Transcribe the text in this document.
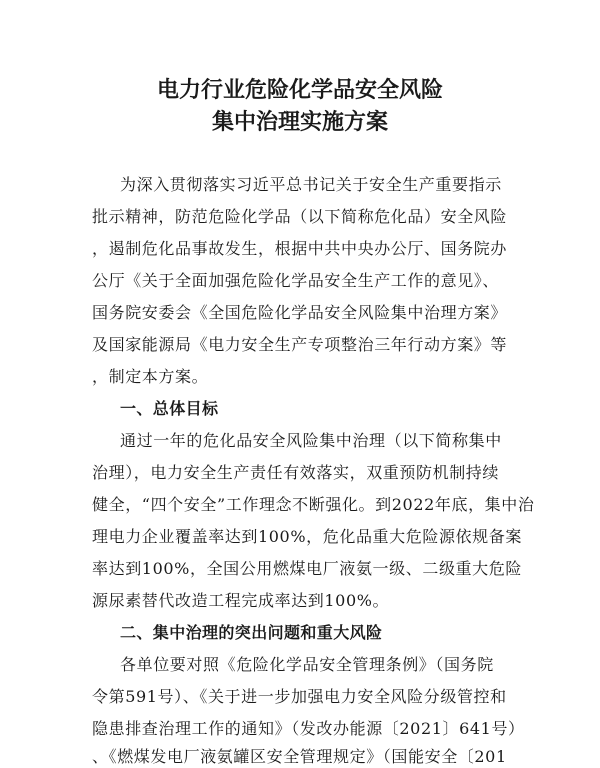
电力行业危险化学品安全风险
集中治理实施方案
为深入贯彻落实习近平总书记关于安全生产重要指示
批示精神，防范危险化学品（以下简称危化品）安全风险
，遏制危化品事故发生，根据中共中央办公厅、国务院办
公厅《关于全面加强危险化学品安全生产工作的意见》、
国务院安委会《全国危险化学品安全风险集中治理方案》
及国家能源局《电力安全生产专项整治三年行动方案》等
，制定本方案。
一、总体目标
通过一年的危化品安全风险集中治理（以下简称集中
治理），电力安全生产责任有效落实，双重预防机制持续
健全，“四个安全”工作理念不断强化。到2022年底，集中治
理电力企业覆盖率达到100%，危化品重大危险源依规备案
率达到100%，全国公用燃煤电厂液氨一级、二级重大危险
源尿素替代改造工程完成率达到100%。
二、集中治理的突出问题和重大风险
各单位要对照《危险化学品安全管理条例》（国务院
令第591号）、《关于进一步加强电力安全风险分级管控和
隐患排查治理工作的通知》（发改办能源〔2021〕641号）
、《燃煤发电厂液氨罐区安全管理规定》（国能安全〔201
